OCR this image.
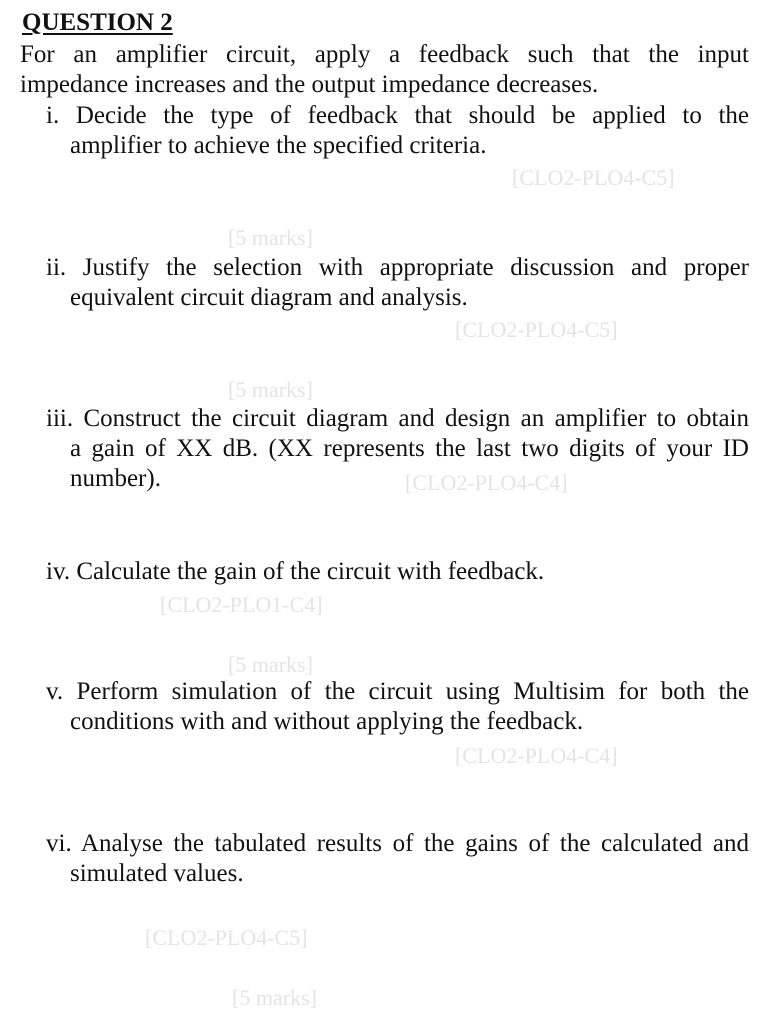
QUESTION 2
For an amplifier circuit, apply a feedback such that the input
impedance increases and the output impedance decreases.
i. Decide the type of feedback that should be applied to the
amplifier to achieve the specified criteria.
ii. Justify the selection with appropriate discussion and proper
equivalent circuit diagram and analysis.
iii. Construct the circuit diagram and design an amplifier to obtain
a gain of XX dB. (XX represents the last two digits of your ID
number).
iv. Calculate the gain of the circuit with feedback.
v. Perform simulation of the circuit using Multisim for both the
conditions with and without applying the feedback.
vi. Analyse the tabulated results of the gains of the calculated and
simulated values.
[CLO2-PLO4-C5]
[5 marks]
[CLO2-PLO4-C5]
[5 marks]
[CLO2-PLO4-C4]
[CLO2-PLO1-C4]
[5 marks]
[CLO2-PLO4-C4]
[CLO2-PLO4-C5]
[5 marks]
